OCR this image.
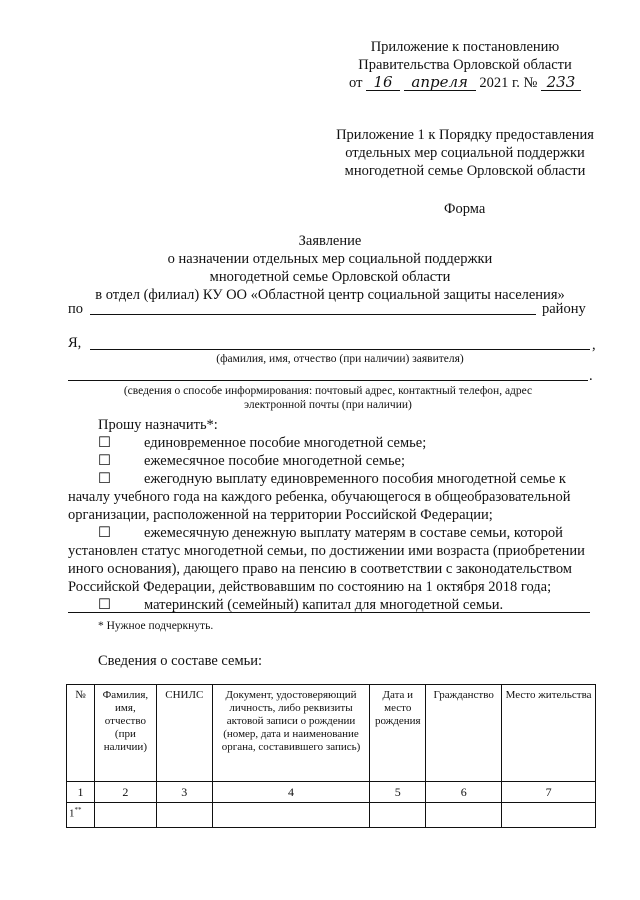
Приложение к постановлению
Правительства Орловской области
от 16 апреля 2021 г. № 233
Приложение 1 к Порядку предоставления
отдельных мер социальной поддержки
многодетной семье Орловской области
Форма
Заявление
о назначении отдельных мер социальной поддержки
многодетной семье Орловской области
в отдел (филиал) КУ ОО «Областной центр социальной защиты населения»
по	району
Я,	,
(фамилия, имя, отчество (при наличии) заявителя)
.
(сведения о способе информирования: почтовый адрес, контактный телефон, адрес
электронной почты (при наличии)
Прошу назначить*:
☐ единовременное пособие многодетной семье;
☐ ежемесячное пособие многодетной семье;
☐ ежегодную выплату единовременного пособия многодетной семье к
началу учебного года на каждого ребенка, обучающегося в общеобразовательной
организации, расположенной на территории Российской Федерации;
☐ ежемесячную денежную выплату матерям в составе семьи, которой
установлен статус многодетной семьи, по достижении ими возраста (приобретении
иного основания), дающего право на пенсию в соответствии с законодательством
Российской Федерации, действовавшим по состоянию на 1 октября 2018 года;
☐ материнский (семейный) капитал для многодетной семьи.
* Нужное подчеркнуть.
Сведения о составе семьи:
№	Фамилия, имя, отчество (при наличии)	СНИЛС	Документ, удостоверяющий личность, либо реквизиты актовой записи о рождении (номер, дата и наименование органа, составившего запись)	Дата и место рождения	Гражданство	Место жительства
1	2	3	4	5	6	7
1**						
